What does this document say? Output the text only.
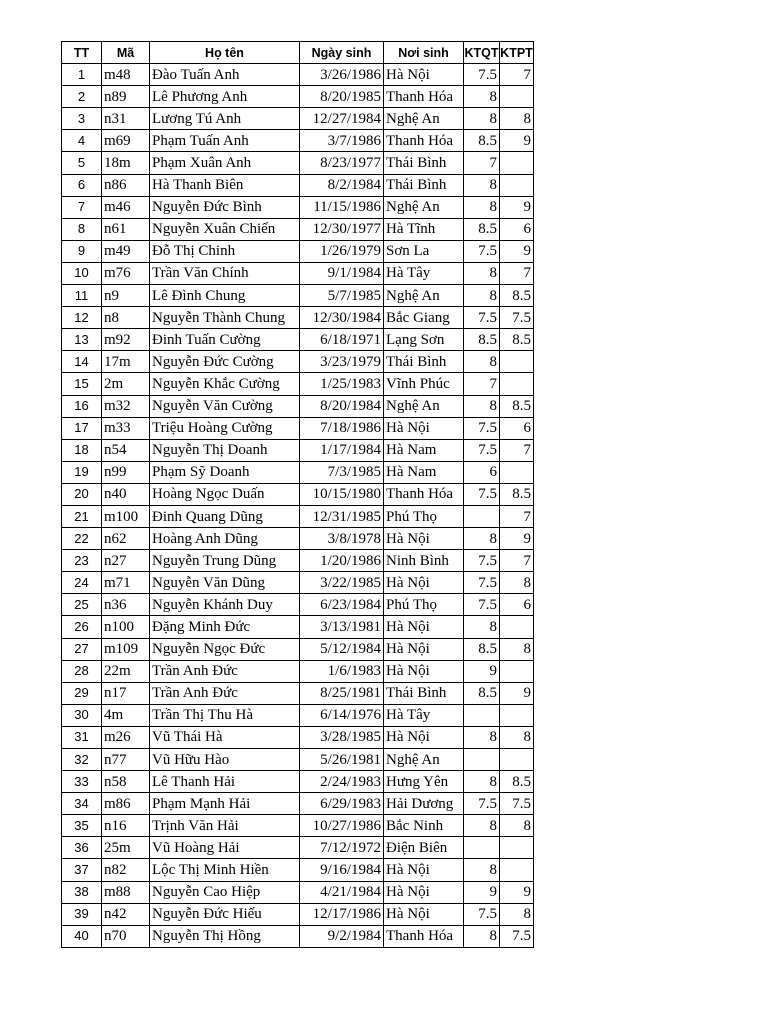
TT	Mã	Họ tên	Ngày sinh	Nơi sinh	KTQT	KTPT
1	m48	Đào Tuấn Anh	3/26/1986	Hà Nội	7.5	7
2	n89	Lê Phương Anh	8/20/1985	Thanh Hóa	8	
3	n31	Lương Tú Anh	12/27/1984	Nghệ An	8	8
4	m69	Phạm Tuấn Anh	3/7/1986	Thanh Hóa	8.5	9
5	18m	Phạm Xuân Anh	8/23/1977	Thái Bình	7	
6	n86	Hà Thanh Biên	8/2/1984	Thái Bình	8	
7	m46	Nguyễn Đức Bình	11/15/1986	Nghệ An	8	9
8	n61	Nguyễn Xuân Chiến	12/30/1977	Hà Tĩnh	8.5	6
9	m49	Đỗ Thị Chinh	1/26/1979	Sơn La	7.5	9
10	m76	Trần Văn Chính	9/1/1984	Hà Tây	8	7
11	n9	Lê Đình Chung	5/7/1985	Nghệ An	8	8.5
12	n8	Nguyễn Thành Chung	12/30/1984	Bắc Giang	7.5	7.5
13	m92	Đinh Tuấn Cường	6/18/1971	Lạng Sơn	8.5	8.5
14	17m	Nguyễn Đức Cường	3/23/1979	Thái Bình	8	
15	2m	Nguyễn Khắc Cường	1/25/1983	Vĩnh Phúc	7	
16	m32	Nguyễn Văn Cường	8/20/1984	Nghệ An	8	8.5
17	m33	Triệu Hoàng Cường	7/18/1986	Hà Nội	7.5	6
18	n54	Nguyễn Thị Doanh	1/17/1984	Hà Nam	7.5	7
19	n99	Phạm Sỹ Doanh	7/3/1985	Hà Nam	6	
20	n40	Hoàng Ngọc Duấn	10/15/1980	Thanh Hóa	7.5	8.5
21	m100	Đinh Quang Dũng	12/31/1985	Phú Thọ		7
22	n62	Hoàng Anh Dũng	3/8/1978	Hà Nội	8	9
23	n27	Nguyễn Trung Dũng	1/20/1986	Ninh Bình	7.5	7
24	m71	Nguyễn Văn Dũng	3/22/1985	Hà Nội	7.5	8
25	n36	Nguyễn Khánh Duy	6/23/1984	Phú Thọ	7.5	6
26	n100	Đặng Minh Đức	3/13/1981	Hà Nội	8	
27	m109	Nguyễn Ngọc Đức	5/12/1984	Hà Nội	8.5	8
28	22m	Trần Anh Đức	1/6/1983	Hà Nội	9	
29	n17	Trần Anh Đức	8/25/1981	Thái Bình	8.5	9
30	4m	Trần Thị Thu Hà	6/14/1976	Hà Tây		
31	m26	Vũ Thái Hà	3/28/1985	Hà Nội	8	8
32	n77	Vũ Hữu Hào	5/26/1981	Nghệ An		
33	n58	Lê Thanh Hải	2/24/1983	Hưng Yên	8	8.5
34	m86	Phạm Mạnh Hải	6/29/1983	Hải Dương	7.5	7.5
35	n16	Trịnh Văn Hải	10/27/1986	Bắc Ninh	8	8
36	25m	Vũ Hoàng Hải	7/12/1972	Điện Biên		
37	n82	Lộc Thị Minh Hiền	9/16/1984	Hà Nội	8	
38	m88	Nguyễn Cao Hiệp	4/21/1984	Hà Nội	9	9
39	n42	Nguyễn Đức Hiếu	12/17/1986	Hà Nội	7.5	8
40	n70	Nguyễn Thị Hồng	9/2/1984	Thanh Hóa	8	7.5
